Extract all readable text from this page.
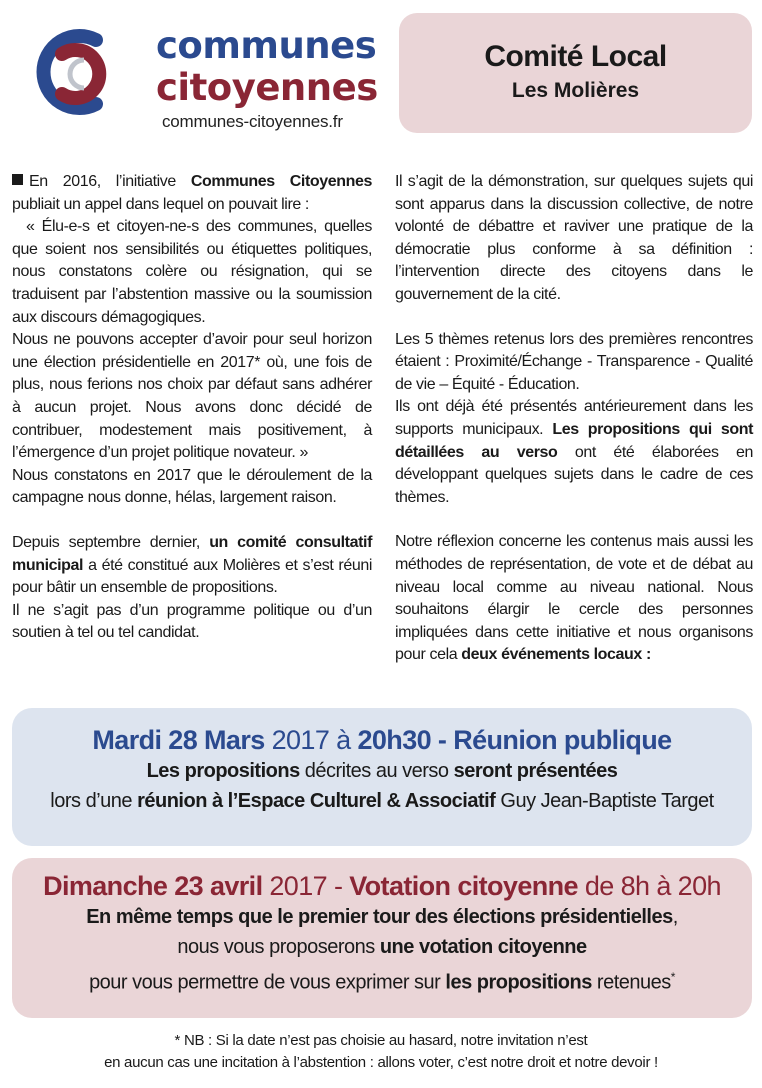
communes
citoyennes
communes-citoyennes.fr
Comité Local
Les Molières

En 2016, l’initiative Communes Citoyennes publiait un appel dans lequel on pouvait lire :

« Élu-e-s et citoyen-ne-s des communes, quelles que soient nos sensibilités ou étiquettes politiques, nous constatons colère ou résignation, qui se traduisent par l’abstention massive ou la soumission aux discours démagogiques.

Nous ne pouvons accepter d’avoir pour seul horizon une élection présidentielle en 2017* où, une fois de plus, nous ferions nos choix par défaut sans adhérer à aucun projet. Nous avons donc décidé de contribuer, modestement mais positivement, à l’émergence d’un projet politique novateur. »

Nous constatons en 2017 que le déroulement de la campagne nous donne, hélas, largement raison.

Depuis septembre dernier, un comité consultatif municipal a été constitué aux Molières et s’est réuni pour bâtir un ensemble de propositions.

Il ne s’agit pas d’un programme politique ou d’un soutien à tel ou tel candidat.

Il s’agit de la démonstration, sur quelques sujets qui sont apparus dans la discussion collective, de notre volonté de débattre et raviver une pratique de la démocratie plus conforme à sa définition : l’intervention directe des citoyens dans le gouvernement de la cité.

Les 5 thèmes retenus lors des premières rencontres étaient : Proximité/Échange - Transparence - Qualité de vie – Équité - Éducation.

Ils ont déjà été présentés antérieurement dans les supports municipaux. Les propositions qui sont détaillées au verso ont été élaborées en développant quelques sujets dans le cadre de ces thèmes.

Notre réflexion concerne les contenus mais aussi les méthodes de représentation, de vote et de débat au niveau local comme au niveau national. Nous souhaitons élargir le cercle des personnes impliquées dans cette initiative et nous organisons pour cela deux événements locaux :

Mardi 28 Mars 2017 à 20h30 - Réunion publique
Les propositions décrites au verso seront présentées
lors d’une réunion à l’Espace Culturel & Associatif Guy Jean-Baptiste Target
Dimanche 23 avril 2017 - Votation citoyenne de 8h à 20h
En même temps que le premier tour des élections présidentielles,
nous vous proposerons une votation citoyenne
pour vous permettre de vous exprimer sur les propositions retenues*
* NB : Si la date n’est pas choisie au hasard, notre invitation n’est
en aucun cas une incitation à l’abstention : allons voter, c’est notre droit et notre devoir !
